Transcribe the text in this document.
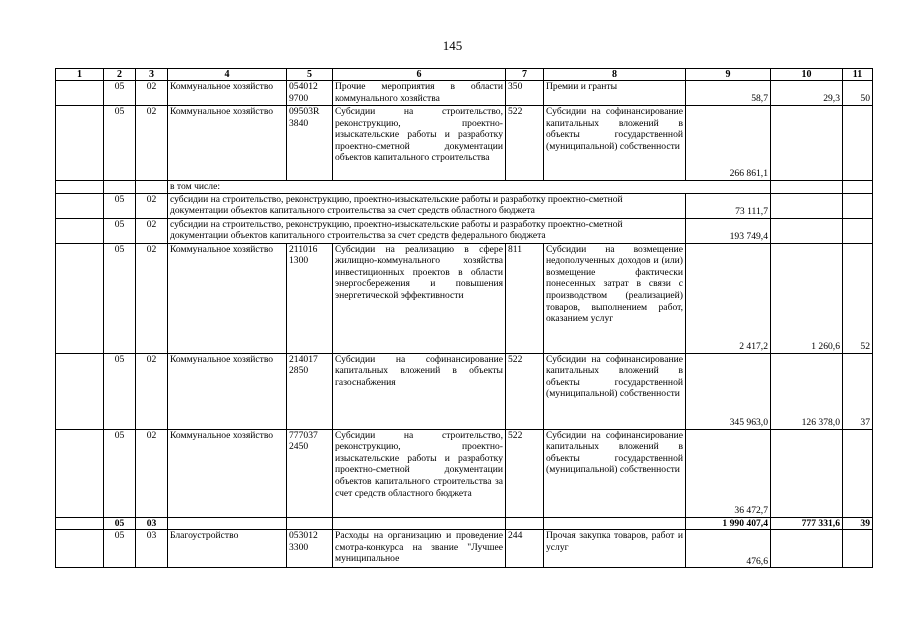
145
1	2	3	4	5	6	7	8	9	10	11
	05	02	Коммунальное хозяйство	054012 9700	Прочие мероприятия в области коммунального хозяйства	350	Премии и гранты	58,7	29,3	50
	05	02	Коммунальное хозяйство	09503R 3840	Субсидии на строительство, реконструкцию, проектно-изыскательские работы и разработку проектно-сметной документации объектов капитального строительства	522	Субсидии на софинансирование капитальных вложений в объекты государственной (муниципальной) собственности	266 861,1		
			в том числе:							
	05	02	субсидии на строительство, реконструкцию, проектно-изыскательские работы и разработку проектно-сметной документации объектов капитального строительства за счет средств областного бюджета					73 111,7		
	05	02	субсидии на строительство, реконструкцию, проектно-изыскательские работы и разработку проектно-сметной документации объектов капитального строительства за счет средств федерального бюджета					193 749,4		
	05	02	Коммунальное хозяйство	211016 1300	Субсидии на реализацию в сфере жилищно-коммунального хозяйства инвестиционных проектов в области энергосбережения и повышения энергетической эффективности	811	Субсидии на возмещение недополученных доходов и (или) возмещение фактически понесенных затрат в связи с производством (реализацией) товаров, выполнением работ, оказанием услуг	2 417,2	1 260,6	52
	05	02	Коммунальное хозяйство	214017 2850	Субсидии на софинансирование капитальных вложений в объекты газоснабжения	522	Субсидии на софинансирование капитальных вложений в объекты государственной (муниципальной) собственности	345 963,0	126 378,0	37
	05	02	Коммунальное хозяйство	777037 2450	Субсидии на строительство, реконструкцию, проектно-изыскательские работы и разработку проектно-сметной документации объектов капитального строительства за счет средств областного бюджета	522	Субсидии на софинансирование капитальных вложений в объекты государственной (муниципальной) собственности	36 472,7		
	05	03						1 990 407,4	777 331,6	39
	05	03	Благоустройство	053012 3300	Расходы на организацию и проведение смотра-конкурса на звание "Лучшее муниципальное	244	Прочая закупка товаров, работ и услуг	476,6		
